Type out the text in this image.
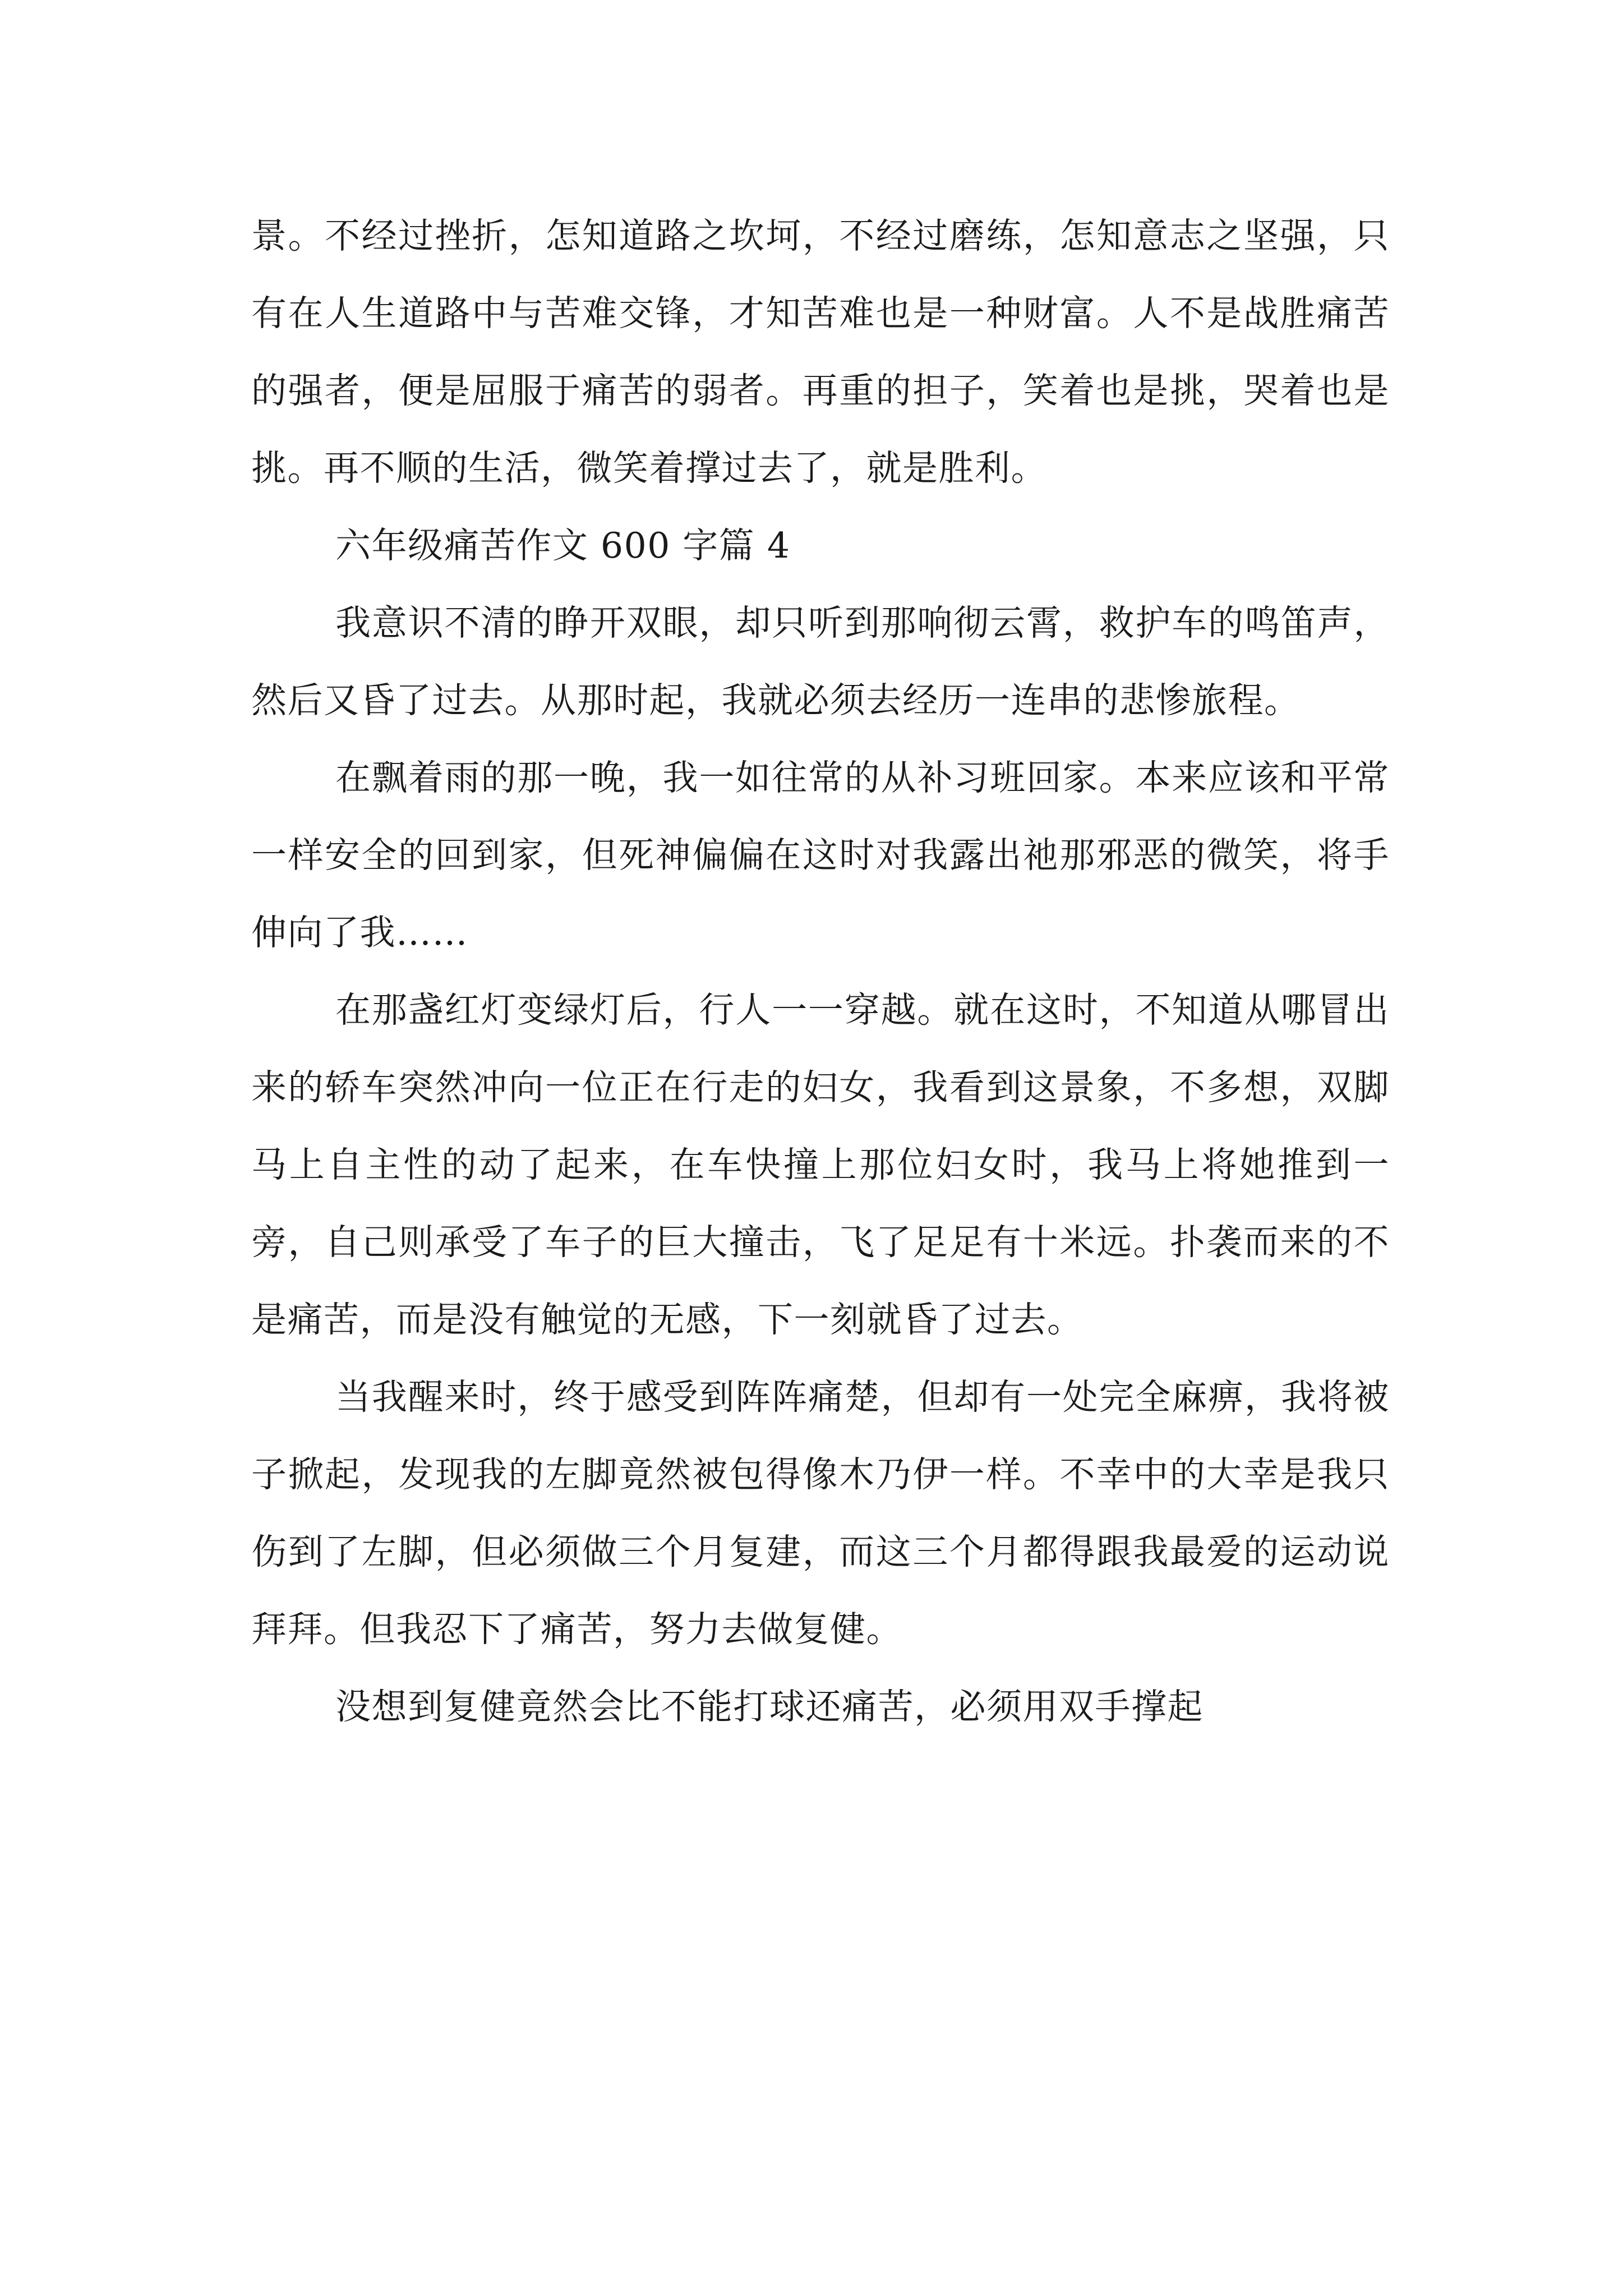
景。不经过挫折，怎知道路之坎坷，不经过磨练，怎知意志之坚强，只有在人生道路中与苦难交锋，才知苦难也是一种财富。人不是战胜痛苦的强者，便是屈服于痛苦的弱者。再重的担子，笑着也是挑，哭着也是挑。再不顺的生活，微笑着撑过去了，就是胜利。

六年级痛苦作文 600 字篇 4

我意识不清的睁开双眼，却只听到那响彻云霄，救护车的鸣笛声，然后又昏了过去。从那时起，我就必须去经历一连串的悲惨旅程。

在飘着雨的那一晚，我一如往常的从补习班回家。本来应该和平常一样安全的回到家，但死神偏偏在这时对我露出祂那邪恶的微笑，将手伸向了我……

在那盏红灯变绿灯后，行人一一穿越。就在这时，不知道从哪冒出来的轿车突然冲向一位正在行走的妇女，我看到这景象，不多想，双脚马上自主性的动了起来，在车快撞上那位妇女时，我马上将她推到一旁，自己则承受了车子的巨大撞击，飞了足足有十米远。扑袭而来的不是痛苦，而是没有触觉的无感，下一刻就昏了过去。

当我醒来时，终于感受到阵阵痛楚，但却有一处完全麻痹，我将被子掀起，发现我的左脚竟然被包得像木乃伊一样。不幸中的大幸是我只伤到了左脚，但必须做三个月复建，而这三个月都得跟我最爱的运动说拜拜。但我忍下了痛苦，努力去做复健。

没想到复健竟然会比不能打球还痛苦，必须用双手撑起
